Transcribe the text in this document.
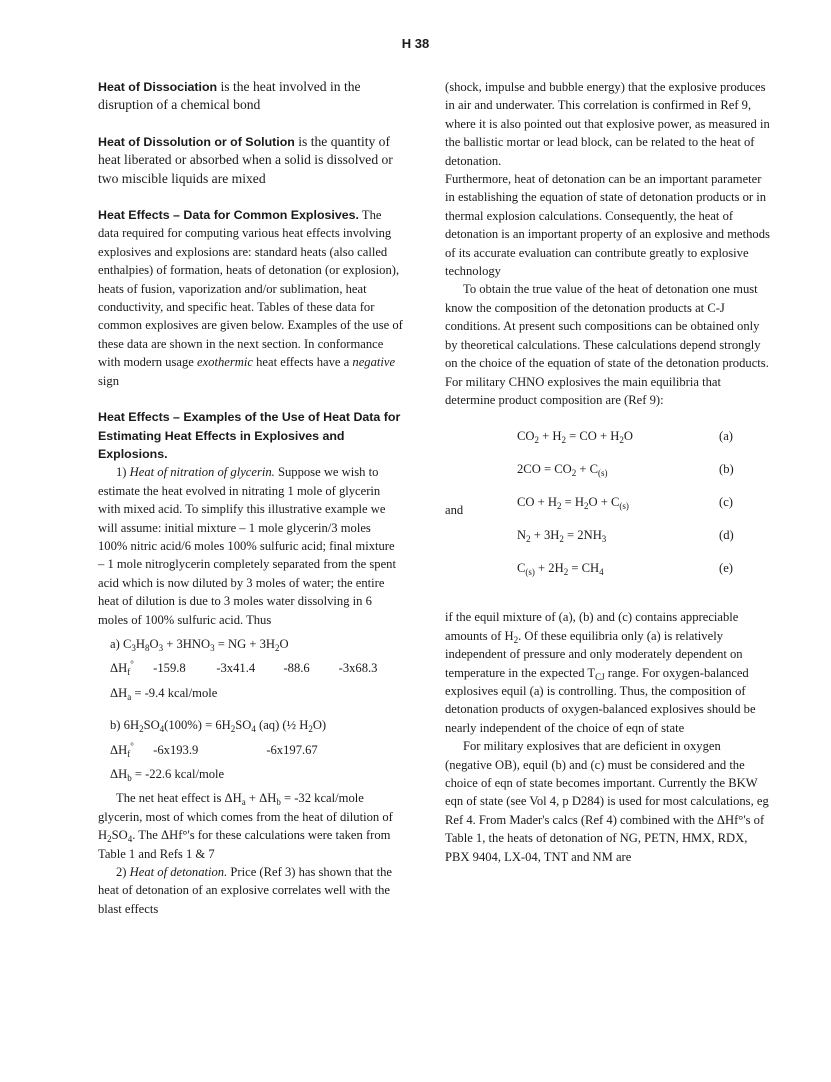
H 38
Heat of Dissociation is the heat involved in the disruption of a chemical bond
Heat of Dissolution or of Solution is the quantity of heat liberated or absorbed when a solid is dissolved or two miscible liquids are mixed
Heat Effects – Data for Common Explosives. The data required for computing various heat effects involving explosives and explosions are: standard heats (also called enthalpies) of formation, heats of detonation (or explosion), heats of fusion, vaporization and/or sublimation, heat conductivity, and specific heat. Tables of these data for common explosives are given below. Examples of the use of these data are shown in the next section. In conformance with modern usage exothermic heat effects have a negative sign
Heat Effects – Examples of the Use of Heat Data for Estimating Heat Effects in Explosives and Explosions.

1) Heat of nitration of glycerin. Suppose we wish to estimate the heat evolved in nitrating 1 mole of glycerin with mixed acid. To simplify this illustrative example we will assume: initial mixture – 1 mole glycerin/3 moles 100% nitric acid/6 moles 100% sulfuric acid; final mixture – 1 mole nitroglycerin completely separated from the spent acid which is now diluted by 3 moles of water; the entire heat of dilution is due to 3 moles water dissolving in 6 moles of 100% sulfuric acid. Thus

a) $C_3H_8O_3 + 3HNO_3$ = NG + $3H_2O$
$\Delta H_f^\circ$ -159.8 -3x41.4 -88.6 -3x68.3
$\Delta H_a = -9.4$ kcal/mole
b) $6H_2SO_4(100\%) = 6H_2SO_4$ (aq) (½ $H_2O$)
$\Delta H_f^\circ$ -6x193.9	-6x197.67
$\Delta H_b = -22.6$ kcal/mole

The net heat effect is $\Delta H_a + \Delta H_b = -32$ kcal/mole glycerin, most of which comes from the heat of dilution of $H_2SO_4$. The ΔHf°'s for these calculations were taken from Table 1 and Refs 1 & 7

2) Heat of detonation. Price (Ref 3) has shown that the heat of detonation of an explosive correlates well with the blast effects

(shock, impulse and bubble energy) that the explosive produces in air and underwater. This correlation is confirmed in Ref 9, where it is also pointed out that explosive power, as measured in the ballistic mortar or lead block, can be related to the heat of detonation.

Furthermore, heat of detonation can be an important parameter in establishing the equation of state of detonation products or in thermal explosion calculations. Consequently, the heat of detonation is an important property of an explosive and methods of its accurate evaluation can contribute greatly to explosive technology

To obtain the true value of the heat of detonation one must know the composition of the detonation products at C-J conditions. At present such compositions can be obtained only by theoretical calculations. These calculations depend strongly on the choice of the equation of state of the detonation products. For military CHNO explosives the main equilibria that determine product composition are (Ref 9):

and
$CO_2 + H_2$ = CO + $H_2O$	(a)
$2CO = CO_2 + C_{(s)}$	(b)
CO + $H_2 = H_2O + C_{(s)}$	(c)
$N_2 + 3H_2 = 2NH_3$	(d)
$C_{(s)} + 2H_2 = CH_4$	(e)

if the equil mixture of (a), (b) and (c) contains appreciable amounts of $H_2$. Of these equilibria only (a) is relatively independent of pressure and only moderately dependent on temperature in the expected $T_{CJ}$ range. For oxygen-balanced explosives equil (a) is controlling. Thus, the composition of detonation products of oxygen-balanced explosives should be nearly independent of the choice of eqn of state

For military explosives that are deficient in oxygen (negative OB), equil (b) and (c) must be considered and the choice of eqn of state becomes important. Currently the BKW eqn of state (see Vol 4, p D284) is used for most calculations, eg Ref 4. From Mader's calcs (Ref 4) combined with the ΔHf°'s of Table 1, the heats of detonation of NG, PETN, HMX, RDX, PBX 9404, LX-04, TNT and NM are
